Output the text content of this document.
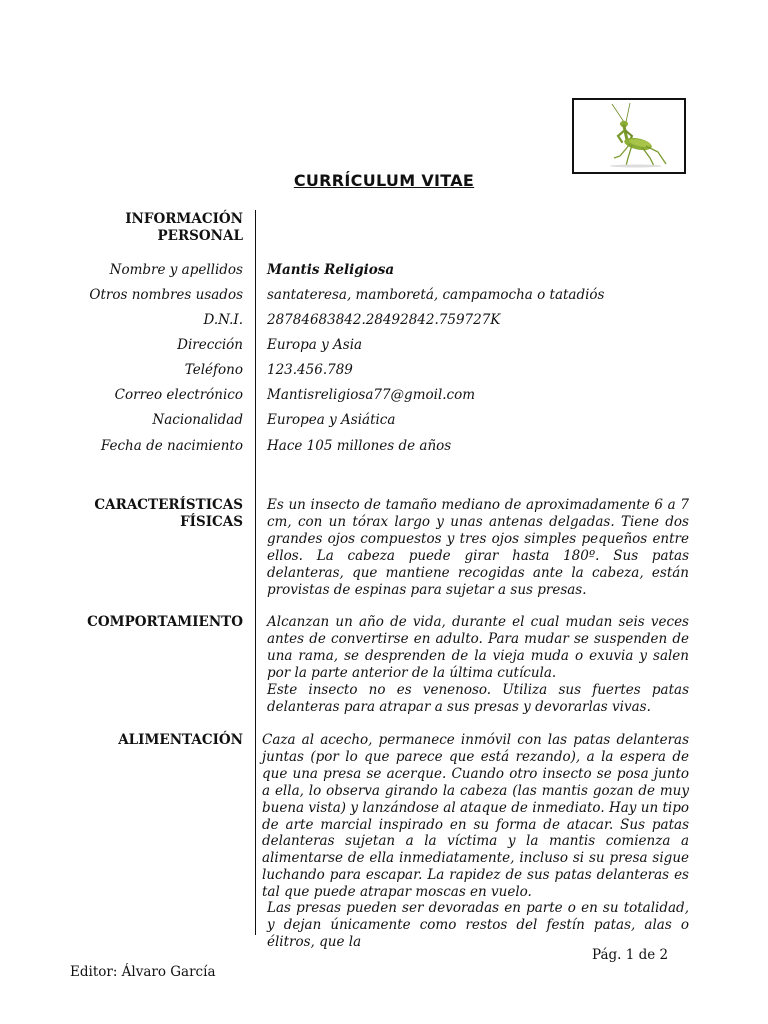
CURRÍCULUM VITAE
INFORMACIÓN PERSONAL
Nombre y apellidos Mantis Religiosa
Otros nombres usados santateresa, mamboretá, campamocha o tatadiós
D.N.I. 28784683842.28492842.759727K
Dirección Europa y Asia
Teléfono 123.456.789
Correo electrónico Mantisreligiosa77@gmoil.com
Nacionalidad Europea y Asiática
Fecha de nacimiento Hace 105 millones de años
CARACTERÍSTICAS FÍSICAS
Es un insecto de tamaño mediano de aproximadamente 6 a 7 cm, con un tórax largo y unas antenas delgadas. Tiene dos grandes ojos compuestos y tres ojos simples pequeños entre ellos. La cabeza puede girar hasta 180º. Sus patas delanteras, que mantiene recogidas ante la cabeza, están provistas de espinas para sujetar a sus presas.
COMPORTAMIENTO Alcanzan un año de vida, durante el cual mudan seis veces antes de convertirse en adulto. Para mudar se suspenden de una rama, se desprenden de la vieja muda o exuvia y salen por la parte anterior de la última cutícula.
Este insecto no es venenoso. Utiliza sus fuertes patas delanteras para atrapar a sus presas y devorarlas vivas.
ALIMENTACIÓN Caza al acecho, permanece inmóvil con las patas delanteras juntas (por lo que parece que está rezando), a la espera de que una presa se acerque. Cuando otro insecto se posa junto a ella, lo observa girando la cabeza (las mantis gozan de muy buena vista) y lanzándose al ataque de inmediato. Hay un tipo de arte marcial inspirado en su forma de atacar. Sus patas delanteras sujetan a la víctima y la mantis comienza a alimentarse de ella inmediatamente, incluso si su presa sigue luchando para escapar. La rapidez de sus patas delanteras es tal que puede atrapar moscas en vuelo.
Las presas pueden ser devoradas en parte o en su totalidad, y dejan únicamente como restos del festín patas, alas o élitros, que la
Pág. 1 de 2
Editor: Álvaro García
